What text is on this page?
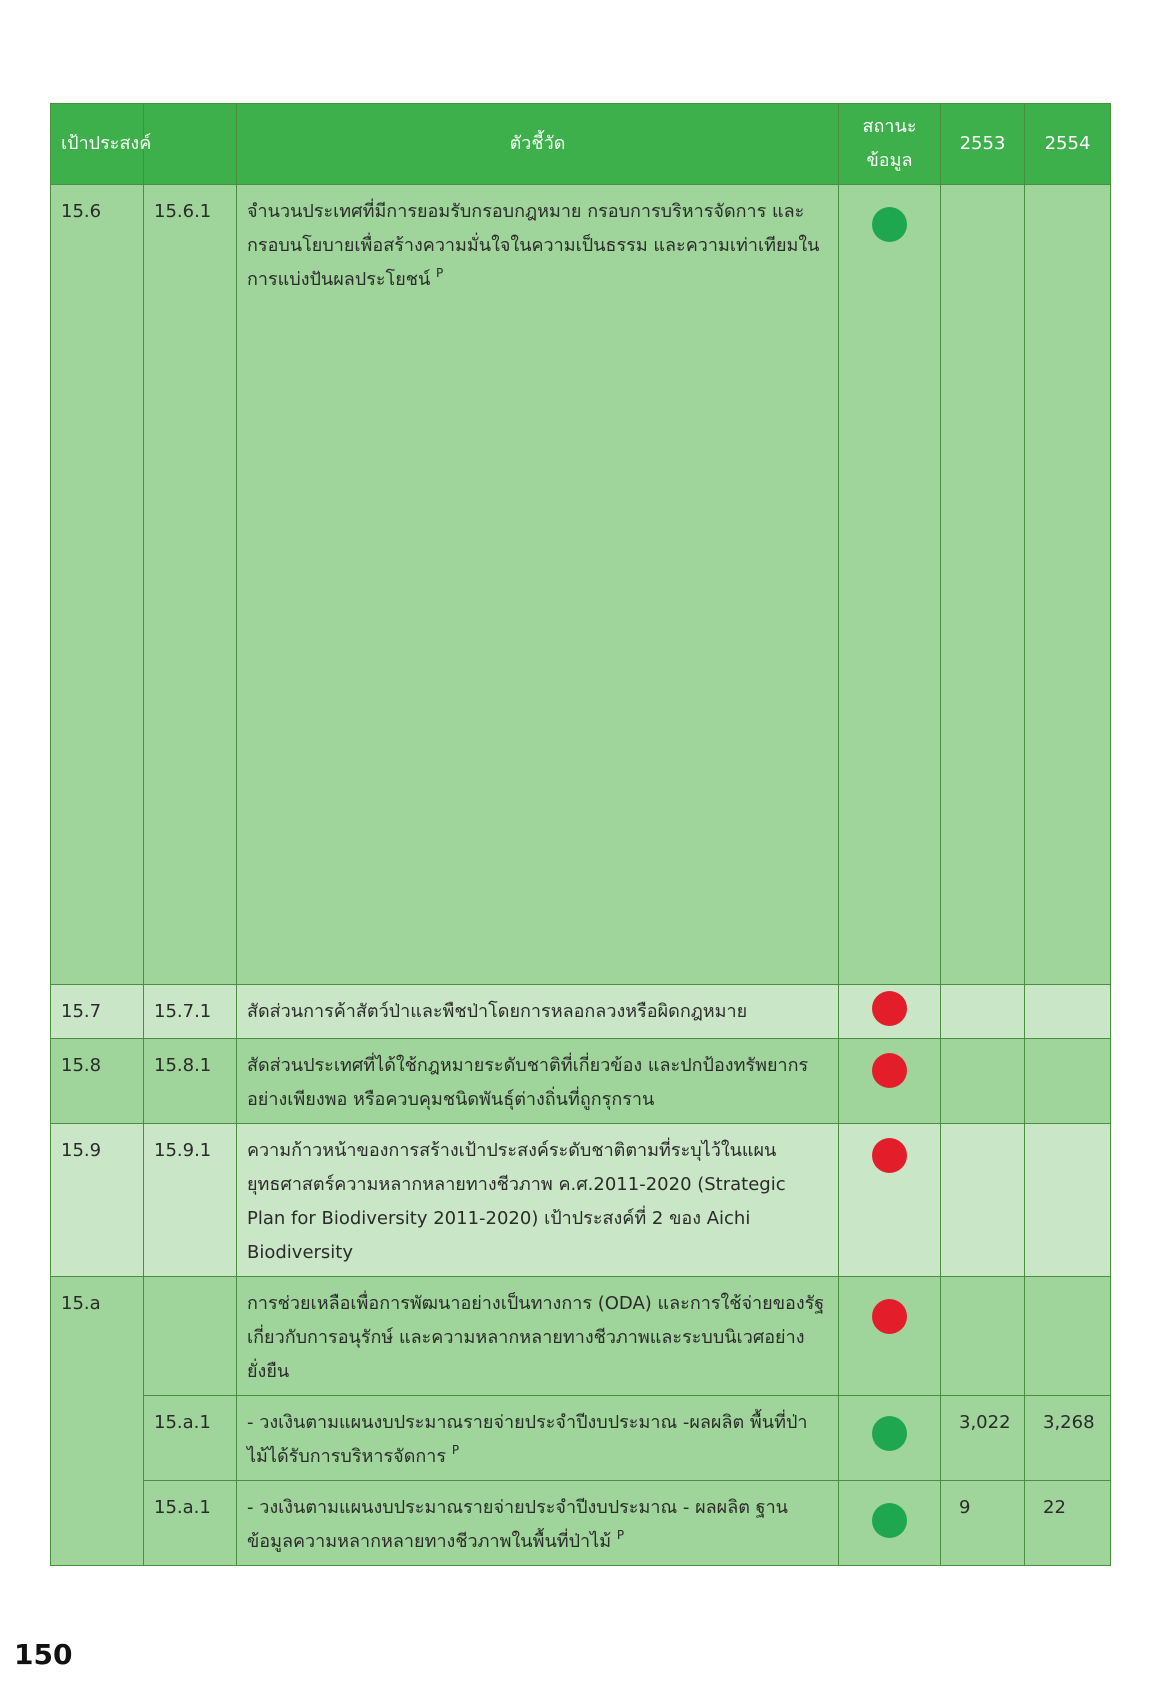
เป้าประสงค์		ตัวชี้วัด	สถานะข้อมูล	2553	2554
15.6	15.6.1	จำนวนประเทศที่มีการยอมรับกรอบกฎหมาย กรอบการบริหารจัดการ และกรอบนโยบายเพื่อสร้างความมั่นใจในความเป็นธรรม และความเท่าเทียมในการแบ่งปันผลประโยชน์ $^P$			
15.7	15.7.1	สัดส่วนการค้าสัตว์ป่าและพืชป่าโดยการหลอกลวงหรือผิดกฎหมาย			
15.8	15.8.1	สัดส่วนประเทศที่ได้ใช้กฎหมายระดับชาติที่เกี่ยวข้อง และปกป้องทรัพยากรอย่างเพียงพอ หรือควบคุมชนิดพันธุ์ต่างถิ่นที่ถูกรุกราน			
15.9	15.9.1	ความก้าวหน้าของการสร้างเป้าประสงค์ระดับชาติตามที่ระบุไว้ในแผนยุทธศาสตร์ความหลากหลายทางชีวภาพ ค.ศ.2011-2020 (Strategic Plan for Biodiversity 2011-2020) เป้าประสงค์ที่ 2 ของ Aichi Biodiversity			
15.a		การช่วยเหลือเพื่อการพัฒนาอย่างเป็นทางการ (ODA) และการใช้จ่ายของรัฐเกี่ยวกับการอนุรักษ์ และความหลากหลายทางชีวภาพและระบบนิเวศอย่างยั่งยืน			
	15.a.1	- วงเงินตามแผนงบประมาณรายจ่ายประจำปีงบประมาณ -ผลผลิต พื้นที่ป่าไม้ได้รับการบริหารจัดการ $^P$		3,022	3,268
	15.a.1	- วงเงินตามแผนงบประมาณรายจ่ายประจำปีงบประมาณ - ผลผลิต ฐานข้อมูลความหลากหลายทางชีวภาพในพื้นที่ป่าไม้ $^P$		9	22
150
